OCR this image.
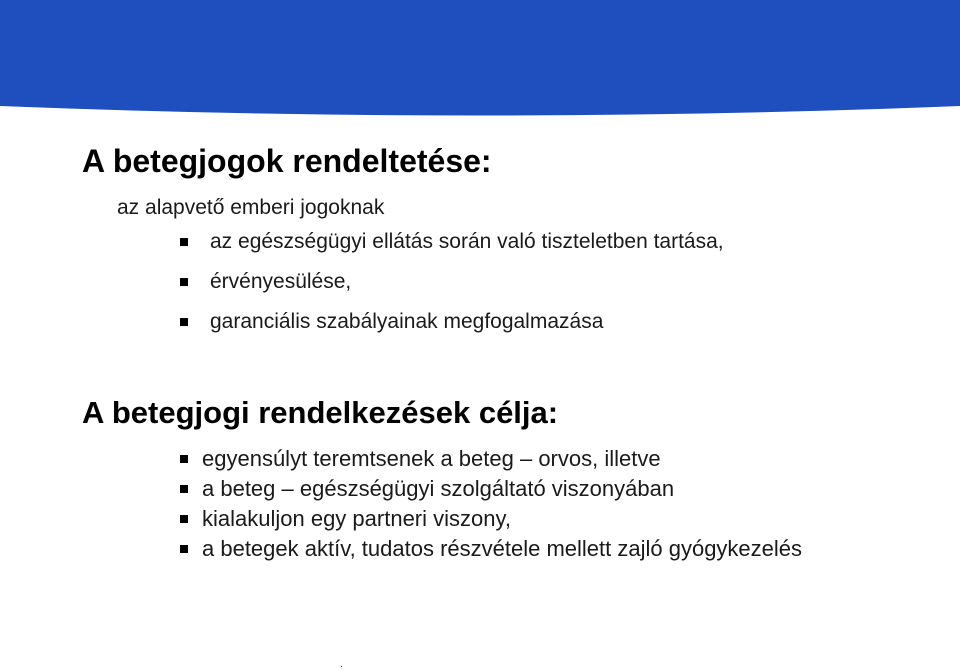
A betegjogok rendeltetése:
az alapvető emberi jogoknak
az egészségügyi ellátás során való tiszteletben tartása,
érvényesülése,
garanciális szabályainak megfogalmazása
A betegjogi rendelkezések célja:
egyensúlyt teremtsenek a beteg – orvos, illetve
a beteg – egészségügyi szolgáltató viszonyában
kialakuljon egy partneri viszony,
a betegek aktív, tudatos részvétele mellett zajló gyógykezelés
.
